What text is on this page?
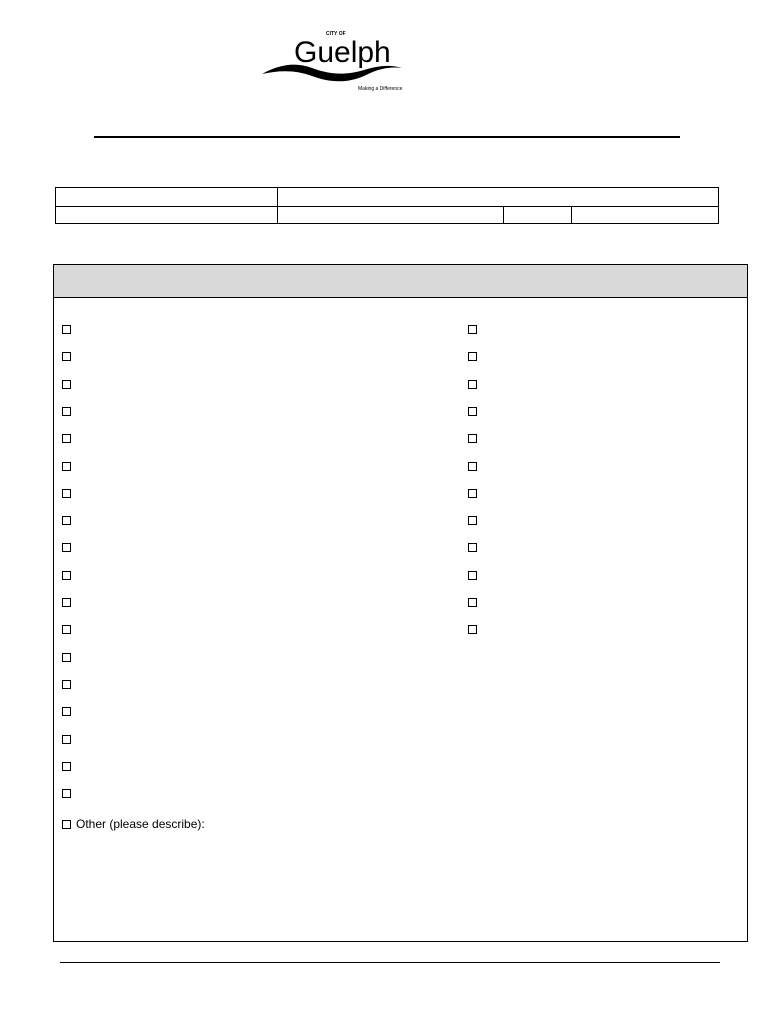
CITY OF
Guelph
Making a Difference
Other (please describe):
